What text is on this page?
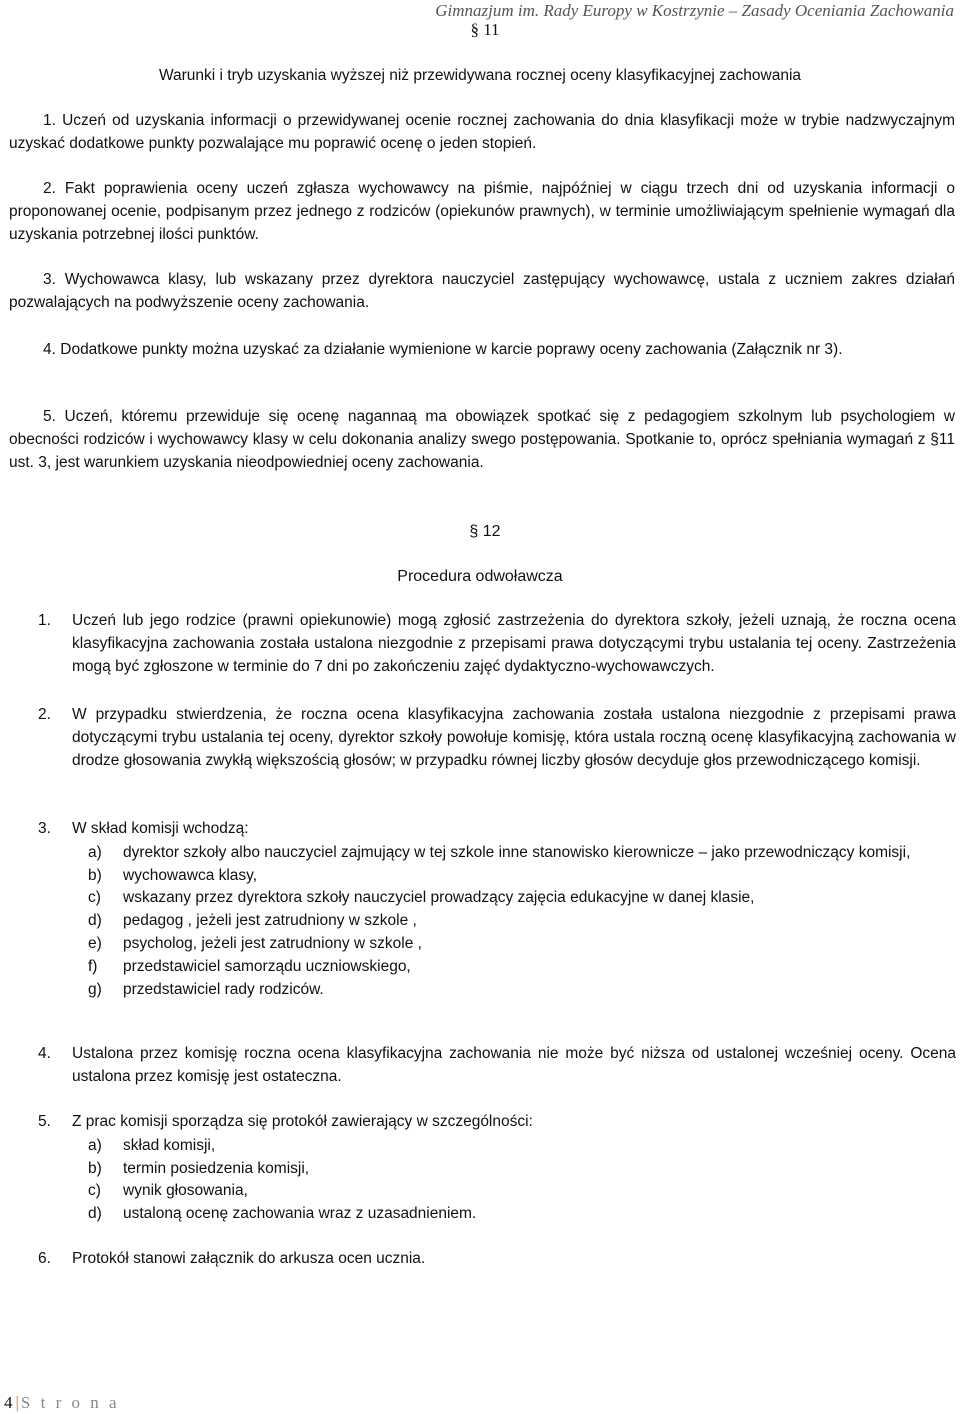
Gimnazjum im. Rady Europy w Kostrzynie – Zasady Oceniania Zachowania
§ 11
Warunki i tryb uzyskania wyższej niż przewidywana rocznej oceny klasyfikacyjnej zachowania
1. Uczeń od uzyskania informacji o przewidywanej ocenie rocznej zachowania do dnia klasyfikacji może w trybie nadzwyczajnym uzyskać dodatkowe punkty pozwalające mu poprawić ocenę o jeden stopień.
2. Fakt poprawienia oceny uczeń zgłasza wychowawcy na piśmie, najpóźniej w ciągu trzech dni od uzyskania informacji o proponowanej ocenie, podpisanym przez jednego z rodziców (opiekunów prawnych), w terminie umożliwiającym spełnienie wymagań dla uzyskania potrzebnej ilości punktów.
3. Wychowawca klasy, lub wskazany przez dyrektora nauczyciel zastępujący wychowawcę, ustala z uczniem zakres działań pozwalających na podwyższenie oceny zachowania.
4. Dodatkowe punkty można uzyskać za działanie wymienione w karcie poprawy oceny zachowania (Załącznik nr 3).
5. Uczeń, któremu przewiduje się ocenę nagannaą ma obowiązek spotkać się z pedagogiem szkolnym lub psychologiem w obecności rodziców i wychowawcy klasy w celu dokonania analizy swego postępowania. Spotkanie to, oprócz spełniania wymagań z §11 ust. 3, jest warunkiem uzyskania nieodpowiedniej oceny zachowania.
§ 12
Procedura odwoławcza
1. Uczeń lub jego rodzice (prawni opiekunowie) mogą zgłosić zastrzeżenia do dyrektora szkoły, jeżeli uznają, że roczna ocena klasyfikacyjna zachowania została ustalona niezgodnie z przepisami prawa dotyczącymi trybu ustalania tej oceny. Zastrzeżenia mogą być zgłoszone w terminie do 7 dni po zakończeniu zajęć dydaktyczno-wychowawczych.
2. W przypadku stwierdzenia, że roczna ocena klasyfikacyjna zachowania została ustalona niezgodnie z przepisami prawa dotyczącymi trybu ustalania tej oceny, dyrektor szkoły powołuje komisję, która ustala roczną ocenę klasyfikacyjną zachowania w drodze głosowania zwykłą większością głosów; w przypadku równej liczby głosów decyduje głos przewodniczącego komisji.
3. W skład komisji wchodzą:
a) dyrektor szkoły albo nauczyciel zajmujący w tej szkole inne stanowisko kierownicze – jako przewodniczący komisji,
b) wychowawca klasy,
c) wskazany przez dyrektora szkoły nauczyciel prowadzący zajęcia edukacyjne w danej klasie,
d) pedagog , jeżeli jest zatrudniony w szkole ,
e) psycholog, jeżeli jest zatrudniony w szkole ,
f) przedstawiciel samorządu uczniowskiego,
g) przedstawiciel rady rodziców.
4. Ustalona przez komisję roczna ocena klasyfikacyjna zachowania nie może być niższa od ustalonej wcześniej oceny. Ocena ustalona przez komisję jest ostateczna.
5. Z prac komisji sporządza się protokół zawierający w szczególności:
a) skład komisji,
b) termin posiedzenia komisji,
c) wynik głosowania,
d) ustaloną ocenę zachowania wraz z uzasadnieniem.
6. Protokół stanowi załącznik do arkusza ocen ucznia.
4|S t r o n a
